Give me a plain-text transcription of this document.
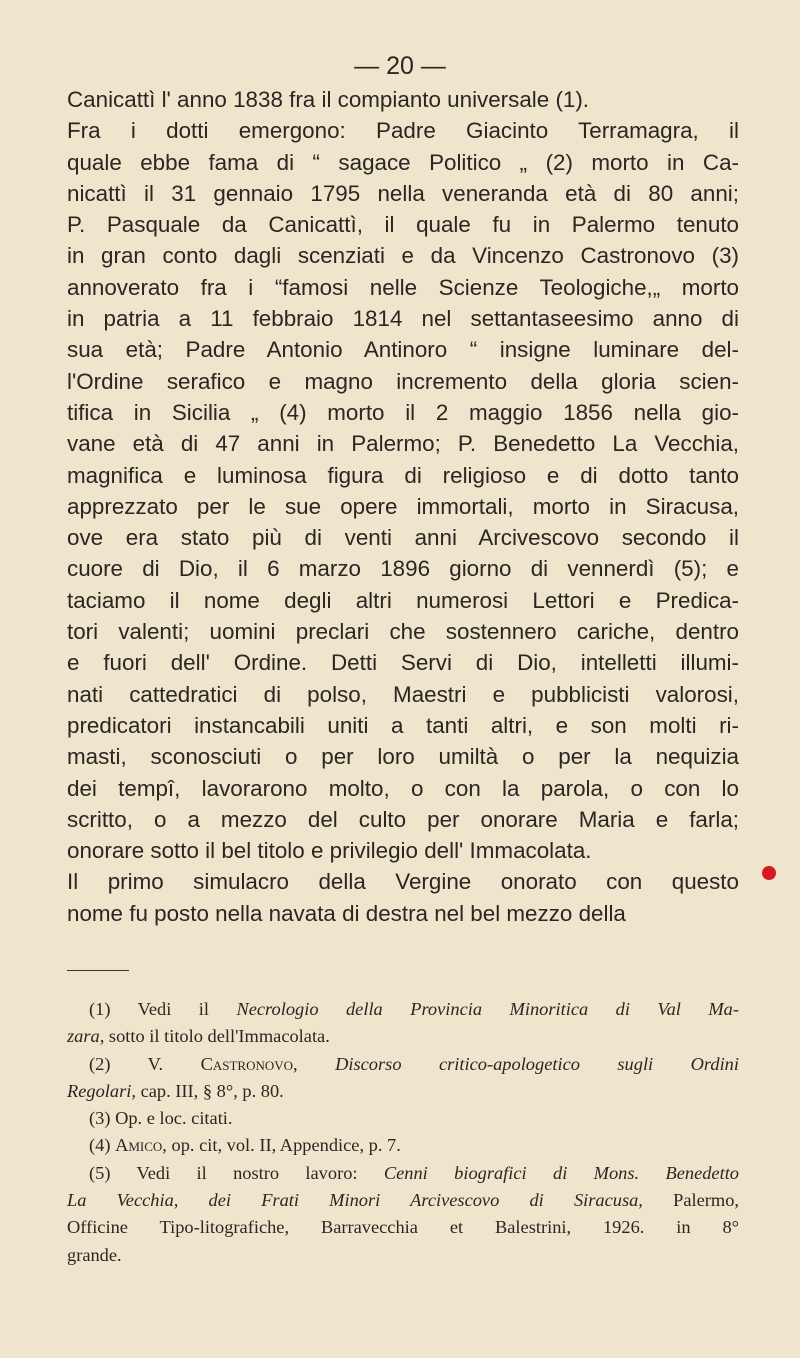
— 20 —
Canicattì l' anno 1838 fra il compianto universale (1).
Fra i dotti emergono: Padre Giacinto Terramagra, il
quale ebbe fama di “ sagace Politico „ (2) morto in Ca-
nicattì il 31 gennaio 1795 nella veneranda età di 80 anni;
P. Pasquale da Canicattì, il quale fu in Palermo tenuto
in gran conto dagli scenziati e da Vincenzo Castronovo (3)
annoverato fra i “famosi nelle Scienze Teologiche,„ morto
in patria a 11 febbraio 1814 nel settantaseesimo anno di
sua età; Padre Antonio Antinoro “ insigne luminare del-
l'Ordine serafico e magno incremento della gloria scien-
tifica in Sicilia „ (4) morto il 2 maggio 1856 nella gio-
vane età di 47 anni in Palermo; P. Benedetto La Vecchia,
magnifica e luminosa figura di religioso e di dotto tanto
apprezzato per le sue opere immortali, morto in Siracusa,
ove era stato più di venti anni Arcivescovo secondo il
cuore di Dio, il 6 marzo 1896 giorno di vennerdì (5); e
taciamo il nome degli altri numerosi Lettori e Predica-
tori valenti; uomini preclari che sostennero cariche, dentro
e fuori dell' Ordine. Detti Servi di Dio, intelletti illumi-
nati cattedratici di polso, Maestri e pubblicisti valorosi,
predicatori instancabili uniti a tanti altri, e son molti ri-
masti, sconosciuti o per loro umiltà o per la nequizia
dei tempî, lavorarono molto, o con la parola, o con lo
scritto, o a mezzo del culto per onorare Maria e farla;
onorare sotto il bel titolo e privilegio dell' Immacolata.
Il primo simulacro della Vergine onorato con questo
nome fu posto nella navata di destra nel bel mezzo della
(1) Vedi il Necrologio della Provincia Minoritica di Val Ma-
zara, sotto il titolo dell'Immacolata.
(2) V. Castronovo, Discorso critico-apologetico sugli Ordini
Regolari, cap. III, § 8°, p. 80.
(3) Op. e loc. citati.
(4) Amico, op. cit, vol. II, Appendice, p. 7.
(5) Vedi il nostro lavoro: Cenni biografici di Mons. Benedetto
La Vecchia, dei Frati Minori Arcivescovo di Siracusa, Palermo,
Officine Tipo-litografiche, Barravecchia et Balestrini, 1926. in 8°
grande.
